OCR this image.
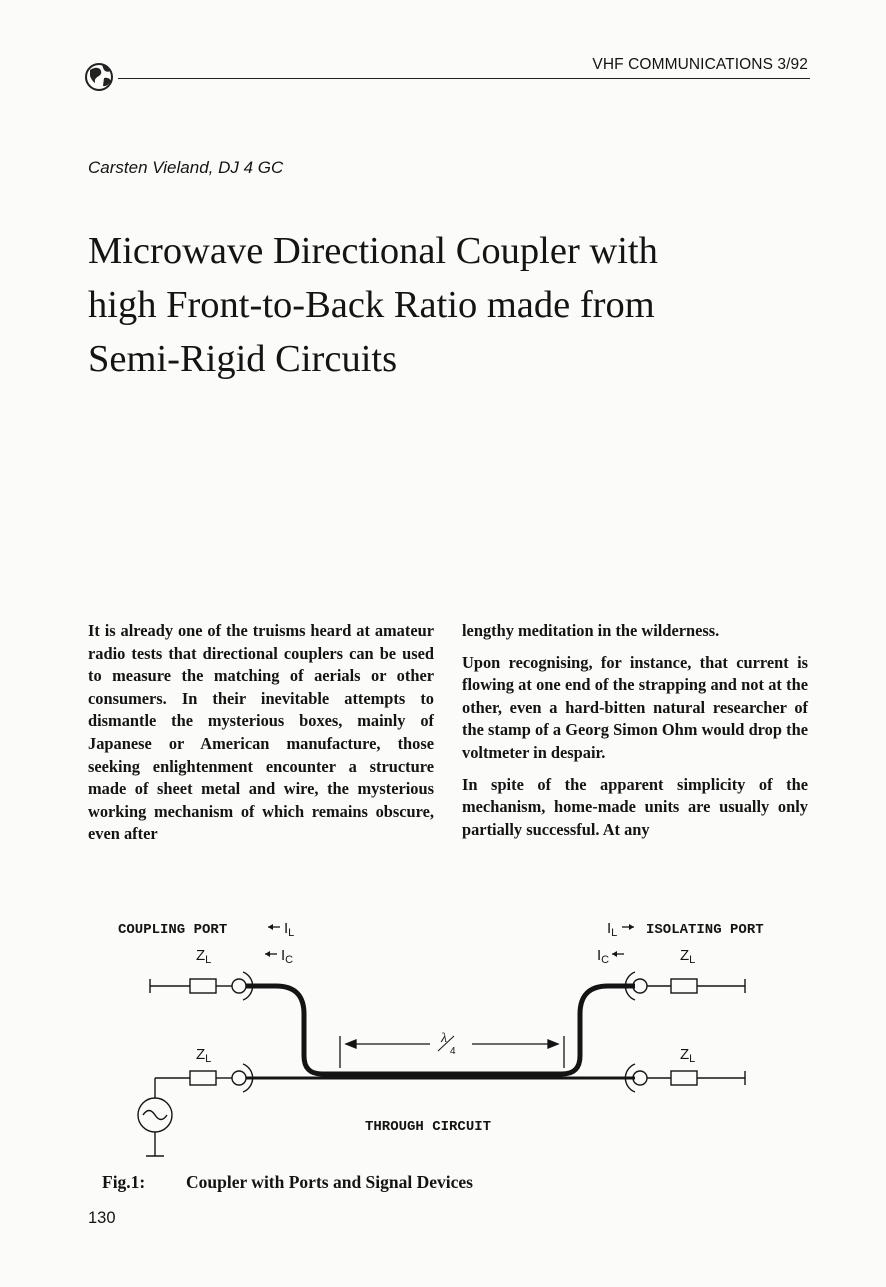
VHF COMMUNICATIONS 3/92
Carsten Vieland, DJ 4 GC
Microwave Directional Coupler with
high Front-to-Back Ratio made from
Semi-Rigid Circuits

It is already one of the truisms heard at amateur radio tests that directional couplers can be used to measure the matching of aerials or other consumers. In their inevitable attempts to dismantle the mysterious boxes, mainly of Japanese or American manufacture, those seeking enlightenment encounter a structure made of sheet metal and wire, the mysterious working mechanism of which remains obscure, even after

lengthy meditation in the wilderness.

Upon recognising, for instance, that current is flowing at one end of the strapping and not at the other, even a hard-bitten natural researcher of the stamp of a Georg Simon Ohm would drop the voltmeter in despair.

In spite of the apparent simplicity of the mechanism, home-made units are usually only partially successful. At any

COUPLING PORT	ISOLATING PORT
THROUGH CIRCUIT
$I_L$
$I_C$
$I_L$
$I_C$
$Z_L$	$Z_L$
$Z_L$	$Z_L$
λ
4
Fig.1: Coupler with Ports and Signal Devices
130
